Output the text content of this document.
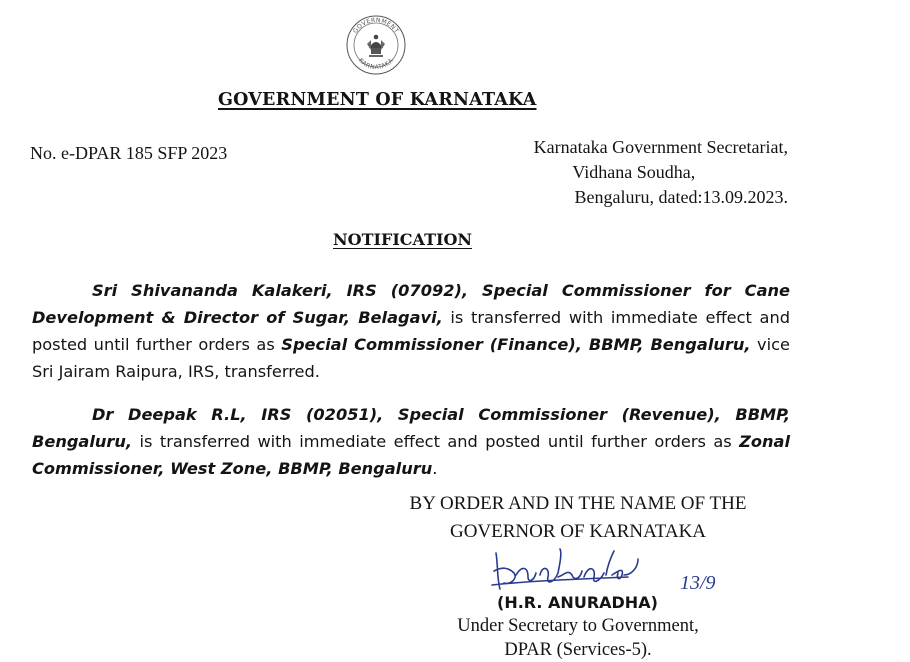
GOVERNMENT
KARNATAKA
GOVERNMENT OF KARNATAKA
No. e-DPAR 185 SFP 2023	Karnataka Government Secretariat,
Vidhana Soudha,
Bengaluru, dated:13.09.2023.
NOTIFICATION
Sri Shivananda Kalakeri, IRS (07092), Special Commissioner for Cane Development & Director of Sugar, Belagavi, is transferred with immediate effect and posted until further orders as Special Commissioner (Finance), BBMP, Bengaluru, vice Sri Jairam Raipura, IRS, transferred.
Dr Deepak R.L, IRS (02051), Special Commissioner (Revenue), BBMP, Bengaluru, is transferred with immediate effect and posted until further orders as Zonal Commissioner, West Zone, BBMP, Bengaluru.
BY ORDER AND IN THE NAME OF THE
GOVERNOR OF KARNATAKA
13/9
(H.R. ANURADHA)
Under Secretary to Government,
DPAR (Services-5).
